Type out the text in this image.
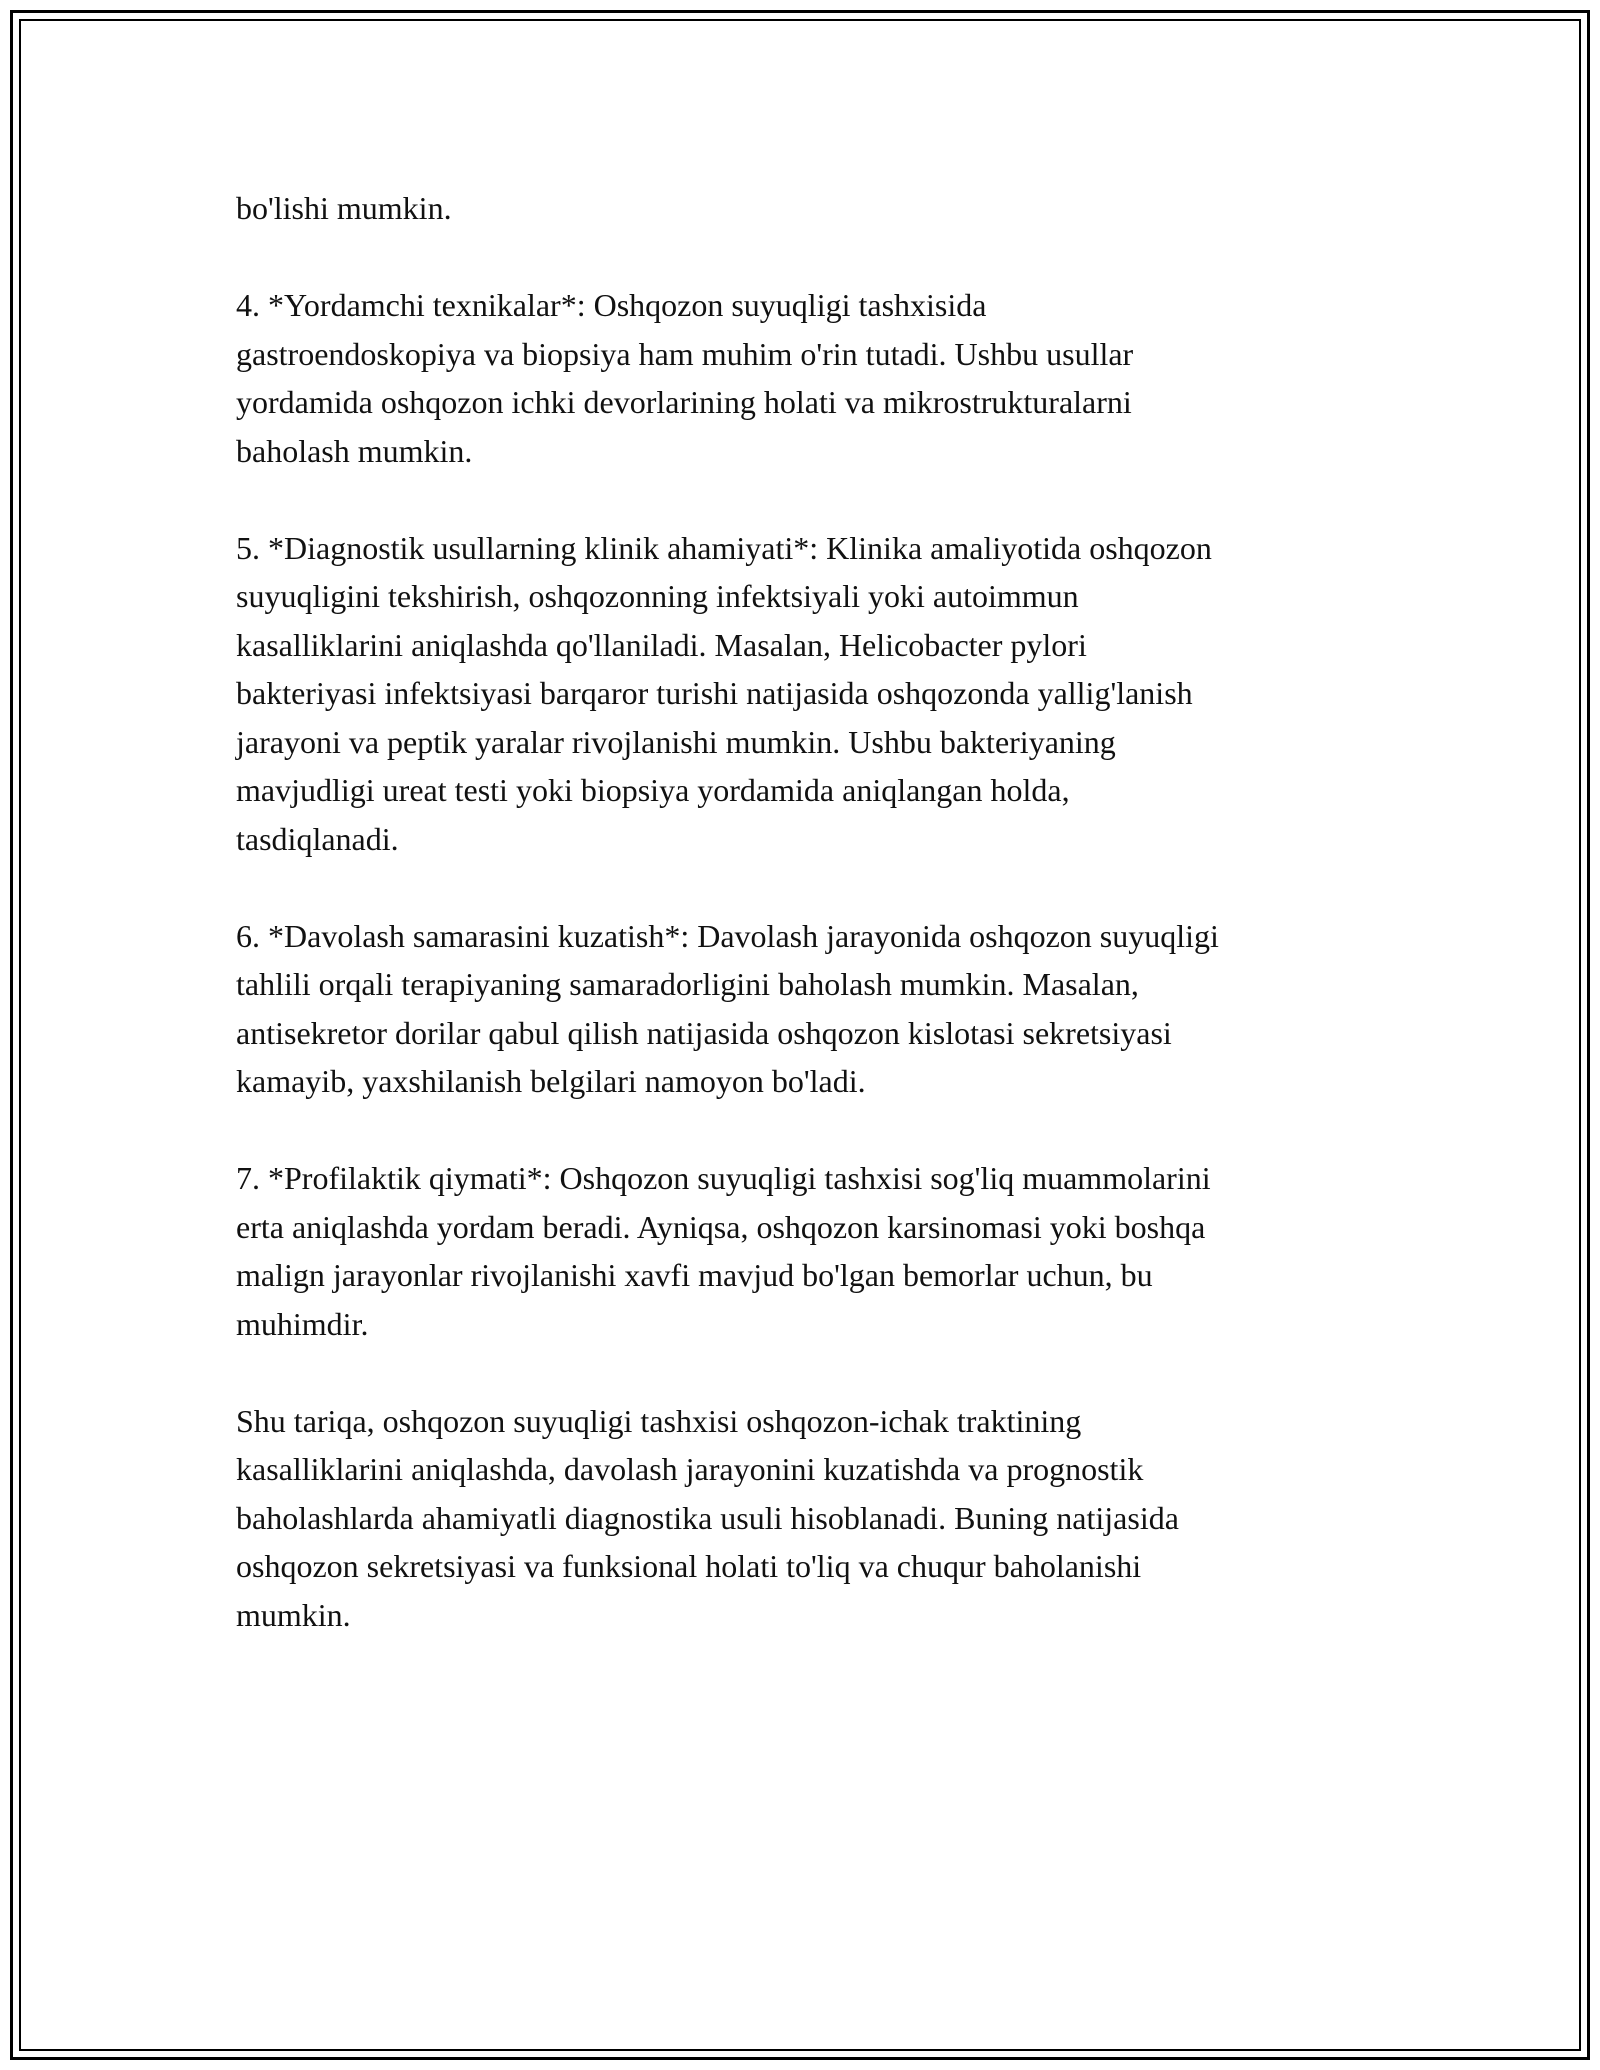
bo'lishi mumkin.

4. *Yordamchi texnikalar*: Oshqozon suyuqligi tashxisida
gastroendoskopiya va biopsiya ham muhim o'rin tutadi. Ushbu usullar
yordamida oshqozon ichki devorlarining holati va mikrostrukturalarni
baholash mumkin.

5. *Diagnostik usullarning klinik ahamiyati*: Klinika amaliyotida oshqozon
suyuqligini tekshirish, oshqozonning infektsiyali yoki autoimmun
kasalliklarini aniqlashda qo'llaniladi. Masalan, Helicobacter pylori
bakteriyasi infektsiyasi barqaror turishi natijasida oshqozonda yallig'lanish
jarayoni va peptik yaralar rivojlanishi mumkin. Ushbu bakteriyaning
mavjudligi ureat testi yoki biopsiya yordamida aniqlangan holda,
tasdiqlanadi.

6. *Davolash samarasini kuzatish*: Davolash jarayonida oshqozon suyuqligi
tahlili orqali terapiyaning samaradorligini baholash mumkin. Masalan,
antisekretor dorilar qabul qilish natijasida oshqozon kislotasi sekretsiyasi
kamayib, yaxshilanish belgilari namoyon bo'ladi.

7. *Profilaktik qiymati*: Oshqozon suyuqligi tashxisi sog'liq muammolarini
erta aniqlashda yordam beradi. Ayniqsa, oshqozon karsinomasi yoki boshqa
malign jarayonlar rivojlanishi xavfi mavjud bo'lgan bemorlar uchun, bu
muhimdir.

Shu tariqa, oshqozon suyuqligi tashxisi oshqozon-ichak traktining
kasalliklarini aniqlashda, davolash jarayonini kuzatishda va prognostik
baholashlarda ahamiyatli diagnostika usuli hisoblanadi. Buning natijasida
oshqozon sekretsiyasi va funksional holati to'liq va chuqur baholanishi
mumkin.
